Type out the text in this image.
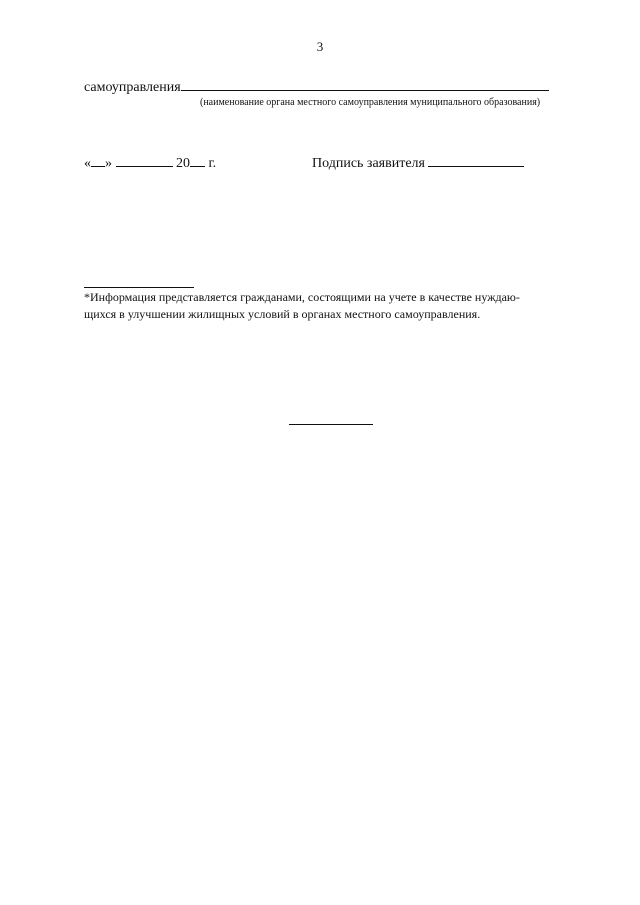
3
самоуправления
(наименование органа местного самоуправления муниципального образования)
« »	20 г.	Подпись заявителя
*Информация представляется гражданами, состоящими на учете в качестве нуждаю-
щихся в улучшении жилищных условий в органах местного самоуправления.
